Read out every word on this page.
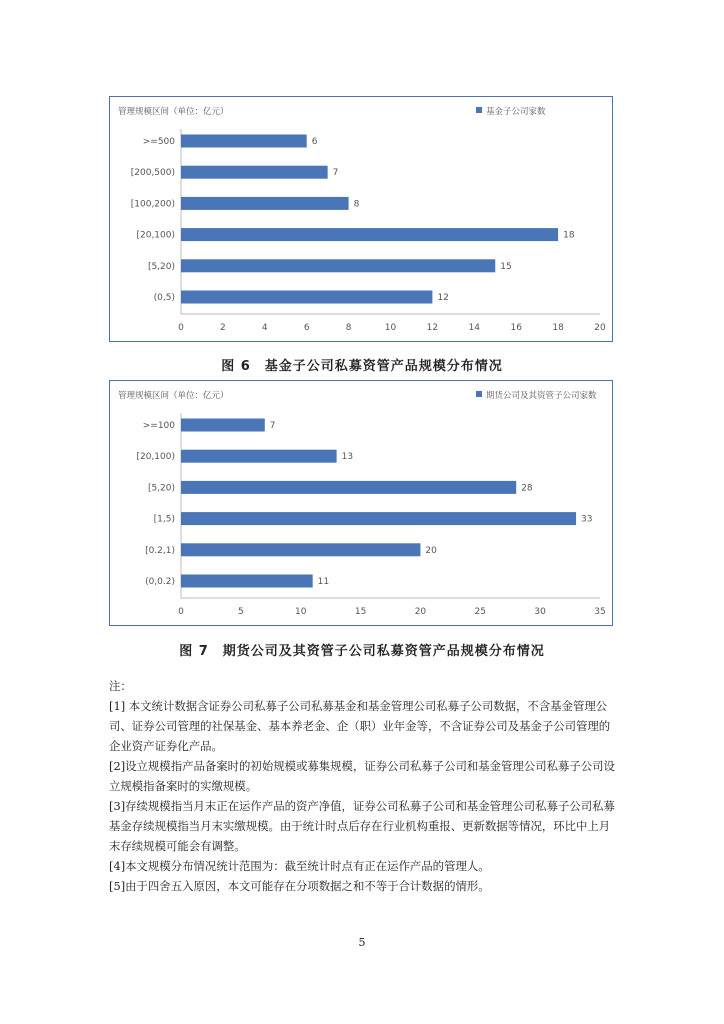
管理规模区间（单位：亿元）	基金子公司家数
0	2	4	6	8	10	12	14	16	18	20
>=500	6
[200,500)	7
[100,200)	8
[20,100)	18
[5,20)	15
(0,5)	12
图 6　基金子公司私募资管产品规模分布情况
管理规模区间（单位：亿元）	期货公司及其资管子公司家数
0	5	10	15	20	25	30	35
>=100	7
[20,100)	13
[5,20)	28
[1,5)	33
[0.2,1)	20
(0,0.2)	11
图 7　期货公司及其资管子公司私募资管产品规模分布情况

注：

[1] 本文统计数据含证券公司私募子公司私募基金和基金管理公司私募子公司数据，不含基金管理公司、证券公司管理的社保基金、基本养老金、企（职）业年金等，不含证券公司及基金子公司管理的企业资产证券化产品。

[2]设立规模指产品备案时的初始规模或募集规模，证券公司私募子公司和基金管理公司私募子公司设立规模指备案时的实缴规模。

[3]存续规模指当月末正在运作产品的资产净值，证券公司私募子公司和基金管理公司私募子公司私募基金存续规模指当月末实缴规模。由于统计时点后存在行业机构重报、更新数据等情况，环比中上月末存续规模可能会有调整。

[4]本文规模分布情况统计范围为：截至统计时点有正在运作产品的管理人。

[5]由于四舍五入原因，本文可能存在分项数据之和不等于合计数据的情形。

5
